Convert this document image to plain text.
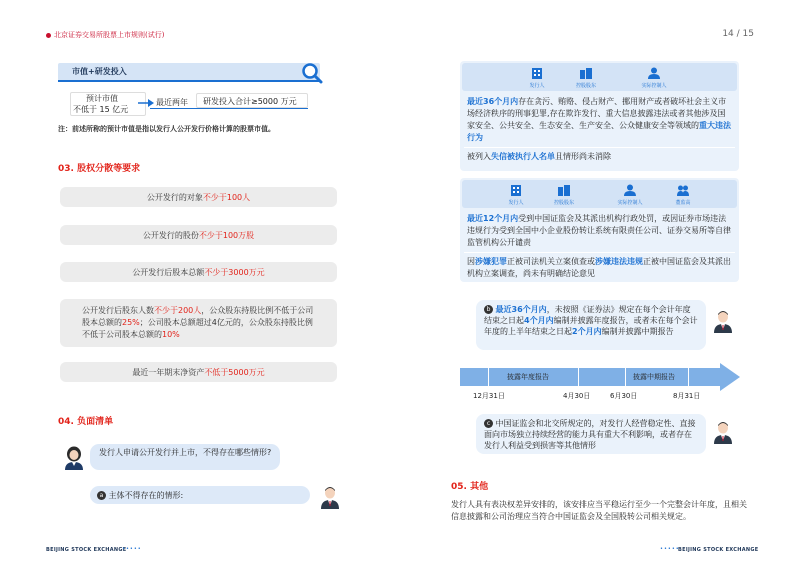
北京证券交易所股票上市规则(试行)	14 / 15
市值+研发投入
预计市值
不低于 15 亿元
最近两年 研发投入合计≥5000 万元
注：前述所称的预计市值是指以发行人公开发行价格计算的股票市值。
03. 股权分散等要求
公开发行的对象 不少于100人
公开发行的股份 不少于100万股
公开发行后股本总额 不少于3000万元
公开发行后股东人数不少于200人，公众股东持股比例不低于公司股本总额的25%；公司股本总额超过4亿元的，公众股东持股比例不低于公司股本总额的10%
最近一年期末净资产 不低于5000万元
04. 负面清单
发行人申请公开发行并上市，不得存在哪些情形?
a 主体不得存在的情形:
发行人	控股股东	实际控制人
最近36个月内存在贪污、贿赂、侵占财产、挪用财产或者破坏社会主义市场经济秩序的刑事犯罪,存在欺诈发行、重大信息披露违法或者其他涉及国家安全、公共安全、生态安全、生产安全、公众健康安全等领域的重大违法行为
被列入失信被执行人名单且情形尚未消除
发行人	控股股东	实际控制人	董监高
最近12个月内受到中国证监会及其派出机构行政处罚，或因证券市场违法违规行为受到全国中小企业股份转让系统有限责任公司、证券交易所等自律监管机构公开谴责
因涉嫌犯罪正被司法机关立案侦查或涉嫌违法违规正被中国证监会及其派出机构立案调查，尚未有明确结论意见
b 最近36个月内，未按照《证券法》规定在每个会计年度结束之日起4个月内编制并披露年度报告，或者未在每个会计年度的上半年结束之日起2个月内编制并披露中期报告
披露年度报告	披露中期报告
12月31日	4月30日	6月30日	8月31日
c 中国证监会和北交所规定的，对发行人经营稳定性、直接面向市场独立持续经营的能力具有重大不利影响，或者存在发行人利益受到损害等其他情形
05. 其他
发行人具有表决权差异安排的，该安排应当平稳运行至少一个完整会计年度，且相关信息披露和公司治理应当符合中国证监会及全国股转公司相关规定。
BEIJING STOCK EXCHANGE
•••••	•••••
BEIJING STOCK EXCHANGE
